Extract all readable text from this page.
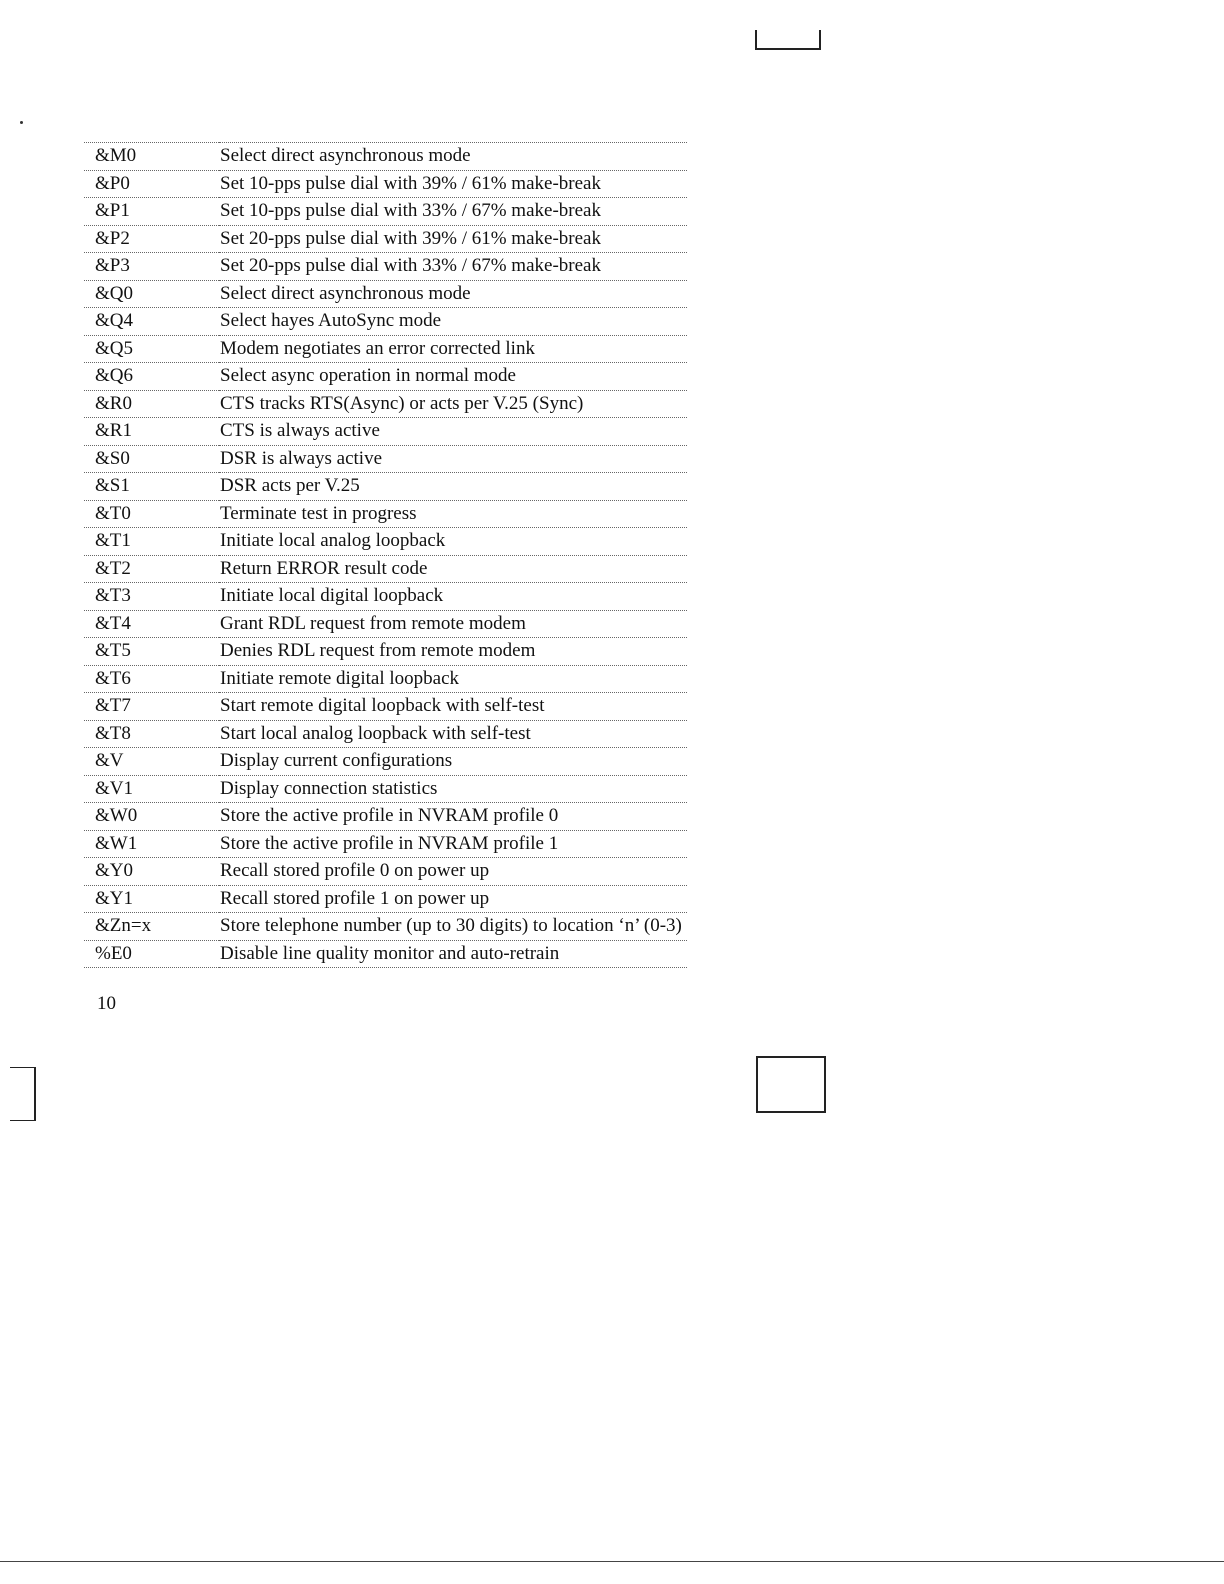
&M0	Select direct asynchronous mode
&P0	Set 10-pps pulse dial with 39% / 61% make-break
&P1	Set 10-pps pulse dial with 33% / 67% make-break
&P2	Set 20-pps pulse dial with 39% / 61% make-break
&P3	Set 20-pps pulse dial with 33% / 67% make-break
&Q0	Select direct asynchronous mode
&Q4	Select hayes AutoSync mode
&Q5	Modem negotiates an error corrected link
&Q6	Select async operation in normal mode
&R0	CTS tracks RTS(Async) or acts per V.25 (Sync)
&R1	CTS is always active
&S0	DSR is always active
&S1	DSR acts per V.25
&T0	Terminate test in progress
&T1	Initiate local analog loopback
&T2	Return ERROR result code
&T3	Initiate local digital loopback
&T4	Grant RDL request from remote modem
&T5	Denies RDL request from remote modem
&T6	Initiate remote digital loopback
&T7	Start remote digital loopback with self-test
&T8	Start local analog loopback with self-test
&V	Display current configurations
&V1	Display connection statistics
&W0	Store the active profile in NVRAM profile 0
&W1	Store the active profile in NVRAM profile 1
&Y0	Recall stored profile 0 on power up
&Y1	Recall stored profile 1 on power up
&Zn=x	Store telephone number (up to 30 digits) to location ‘n’ (0-3)
%E0	Disable line quality monitor and auto-retrain
10
